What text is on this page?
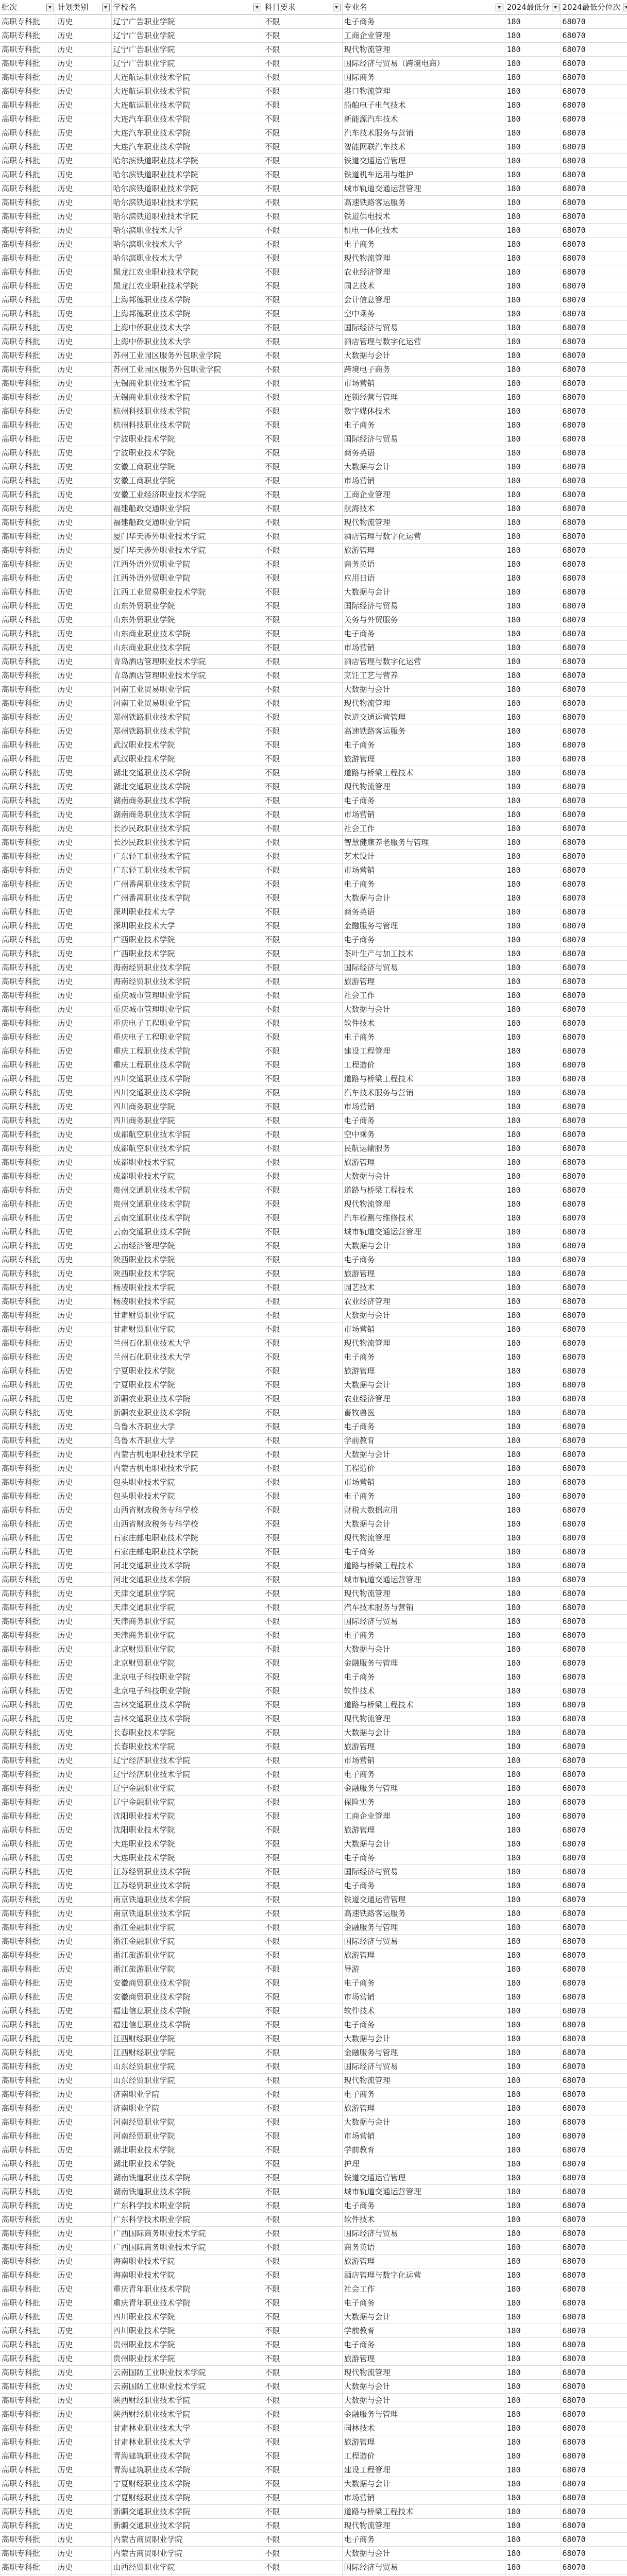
批次	计划类别	学校名	科目要求	专业名	2024最低分	2024最低分位次

高职专科批	历史	辽宁广告职业学院	不限	电子商务	180	68070
高职专科批	历史	辽宁广告职业学院	不限	工商企业管理	180	68070
高职专科批	历史	辽宁广告职业学院	不限	现代物流管理	180	68070
高职专科批	历史	辽宁广告职业学院	不限	国际经济与贸易（跨境电商）	180	68070
高职专科批	历史	大连航运职业技术学院	不限	国际商务	180	68070
高职专科批	历史	大连航运职业技术学院	不限	港口物流管理	180	68070
高职专科批	历史	大连航运职业技术学院	不限	船舶电子电气技术	180	68070
高职专科批	历史	大连汽车职业技术学院	不限	新能源汽车技术	180	68070
高职专科批	历史	大连汽车职业技术学院	不限	汽车技术服务与营销	180	68070
高职专科批	历史	大连汽车职业技术学院	不限	智能网联汽车技术	180	68070
高职专科批	历史	哈尔滨铁道职业技术学院	不限	铁道交通运营管理	180	68070
高职专科批	历史	哈尔滨铁道职业技术学院	不限	铁道机车运用与维护	180	68070
高职专科批	历史	哈尔滨铁道职业技术学院	不限	城市轨道交通运营管理	180	68070
高职专科批	历史	哈尔滨铁道职业技术学院	不限	高速铁路客运服务	180	68070
高职专科批	历史	哈尔滨铁道职业技术学院	不限	铁道供电技术	180	68070
高职专科批	历史	哈尔滨职业技术大学	不限	机电一体化技术	180	68070
高职专科批	历史	哈尔滨职业技术大学	不限	电子商务	180	68070
高职专科批	历史	哈尔滨职业技术大学	不限	现代物流管理	180	68070
高职专科批	历史	黑龙江农业职业技术学院	不限	农业经济管理	180	68070
高职专科批	历史	黑龙江农业职业技术学院	不限	园艺技术	180	68070
高职专科批	历史	上海邦德职业技术学院	不限	会计信息管理	180	68070
高职专科批	历史	上海邦德职业技术学院	不限	空中乘务	180	68070
高职专科批	历史	上海中侨职业技术大学	不限	国际经济与贸易	180	68070
高职专科批	历史	上海中侨职业技术大学	不限	酒店管理与数字化运营	180	68070
高职专科批	历史	苏州工业园区服务外包职业学院	不限	大数据与会计	180	68070
高职专科批	历史	苏州工业园区服务外包职业学院	不限	跨境电子商务	180	68070
高职专科批	历史	无锡商业职业技术学院	不限	市场营销	180	68070
高职专科批	历史	无锡商业职业技术学院	不限	连锁经营与管理	180	68070
高职专科批	历史	杭州科技职业技术学院	不限	数字媒体技术	180	68070
高职专科批	历史	杭州科技职业技术学院	不限	电子商务	180	68070
高职专科批	历史	宁波职业技术学院	不限	国际经济与贸易	180	68070
高职专科批	历史	宁波职业技术学院	不限	商务英语	180	68070
高职专科批	历史	安徽工商职业学院	不限	大数据与会计	180	68070
高职专科批	历史	安徽工商职业学院	不限	市场营销	180	68070
高职专科批	历史	安徽工业经济职业技术学院	不限	工商企业管理	180	68070
高职专科批	历史	福建船政交通职业学院	不限	航海技术	180	68070
高职专科批	历史	福建船政交通职业学院	不限	现代物流管理	180	68070
高职专科批	历史	厦门华天涉外职业技术学院	不限	酒店管理与数字化运营	180	68070
高职专科批	历史	厦门华天涉外职业技术学院	不限	旅游管理	180	68070
高职专科批	历史	江西外语外贸职业学院	不限	商务英语	180	68070
高职专科批	历史	江西外语外贸职业学院	不限	应用日语	180	68070
高职专科批	历史	江西工业贸易职业技术学院	不限	大数据与会计	180	68070
高职专科批	历史	山东外贸职业学院	不限	国际经济与贸易	180	68070
高职专科批	历史	山东外贸职业学院	不限	关务与外贸服务	180	68070
高职专科批	历史	山东商业职业技术学院	不限	电子商务	180	68070
高职专科批	历史	山东商业职业技术学院	不限	市场营销	180	68070
高职专科批	历史	青岛酒店管理职业技术学院	不限	酒店管理与数字化运营	180	68070
高职专科批	历史	青岛酒店管理职业技术学院	不限	烹饪工艺与营养	180	68070
高职专科批	历史	河南工业贸易职业学院	不限	大数据与会计	180	68070
高职专科批	历史	河南工业贸易职业学院	不限	现代物流管理	180	68070
高职专科批	历史	郑州铁路职业技术学院	不限	铁道交通运营管理	180	68070
高职专科批	历史	郑州铁路职业技术学院	不限	高速铁路客运服务	180	68070
高职专科批	历史	武汉职业技术学院	不限	电子商务	180	68070
高职专科批	历史	武汉职业技术学院	不限	旅游管理	180	68070
高职专科批	历史	湖北交通职业技术学院	不限	道路与桥梁工程技术	180	68070
高职专科批	历史	湖北交通职业技术学院	不限	现代物流管理	180	68070
高职专科批	历史	湖南商务职业技术学院	不限	电子商务	180	68070
高职专科批	历史	湖南商务职业技术学院	不限	市场营销	180	68070
高职专科批	历史	长沙民政职业技术学院	不限	社会工作	180	68070
高职专科批	历史	长沙民政职业技术学院	不限	智慧健康养老服务与管理	180	68070
高职专科批	历史	广东轻工职业技术学院	不限	艺术设计	180	68070
高职专科批	历史	广东轻工职业技术学院	不限	市场营销	180	68070
高职专科批	历史	广州番禺职业技术学院	不限	电子商务	180	68070
高职专科批	历史	广州番禺职业技术学院	不限	大数据与会计	180	68070
高职专科批	历史	深圳职业技术大学	不限	商务英语	180	68070
高职专科批	历史	深圳职业技术大学	不限	金融服务与管理	180	68070
高职专科批	历史	广西职业技术学院	不限	电子商务	180	68070
高职专科批	历史	广西职业技术学院	不限	茶叶生产与加工技术	180	68070
高职专科批	历史	海南经贸职业技术学院	不限	国际经济与贸易	180	68070
高职专科批	历史	海南经贸职业技术学院	不限	旅游管理	180	68070
高职专科批	历史	重庆城市管理职业学院	不限	社会工作	180	68070
高职专科批	历史	重庆城市管理职业学院	不限	大数据与会计	180	68070
高职专科批	历史	重庆电子工程职业学院	不限	软件技术	180	68070
高职专科批	历史	重庆电子工程职业学院	不限	电子商务	180	68070
高职专科批	历史	重庆工程职业技术学院	不限	建设工程管理	180	68070
高职专科批	历史	重庆工程职业技术学院	不限	工程造价	180	68070
高职专科批	历史	四川交通职业技术学院	不限	道路与桥梁工程技术	180	68070
高职专科批	历史	四川交通职业技术学院	不限	汽车技术服务与营销	180	68070
高职专科批	历史	四川商务职业学院	不限	市场营销	180	68070
高职专科批	历史	四川商务职业学院	不限	电子商务	180	68070
高职专科批	历史	成都航空职业技术学院	不限	空中乘务	180	68070
高职专科批	历史	成都航空职业技术学院	不限	民航运输服务	180	68070
高职专科批	历史	成都职业技术学院	不限	旅游管理	180	68070
高职专科批	历史	成都职业技术学院	不限	大数据与会计	180	68070
高职专科批	历史	贵州交通职业技术学院	不限	道路与桥梁工程技术	180	68070
高职专科批	历史	贵州交通职业技术学院	不限	现代物流管理	180	68070
高职专科批	历史	云南交通职业技术学院	不限	汽车检测与维修技术	180	68070
高职专科批	历史	云南交通职业技术学院	不限	城市轨道交通运营管理	180	68070
高职专科批	历史	云南经济管理学院	不限	大数据与会计	180	68070
高职专科批	历史	陕西职业技术学院	不限	电子商务	180	68070
高职专科批	历史	陕西职业技术学院	不限	旅游管理	180	68070
高职专科批	历史	杨凌职业技术学院	不限	园艺技术	180	68070
高职专科批	历史	杨凌职业技术学院	不限	农业经济管理	180	68070
高职专科批	历史	甘肃财贸职业学院	不限	大数据与会计	180	68070
高职专科批	历史	甘肃财贸职业学院	不限	市场营销	180	68070
高职专科批	历史	兰州石化职业技术大学	不限	现代物流管理	180	68070
高职专科批	历史	兰州石化职业技术大学	不限	电子商务	180	68070
高职专科批	历史	宁夏职业技术学院	不限	旅游管理	180	68070
高职专科批	历史	宁夏职业技术学院	不限	大数据与会计	180	68070
高职专科批	历史	新疆农业职业技术学院	不限	农业经济管理	180	68070
高职专科批	历史	新疆农业职业技术学院	不限	畜牧兽医	180	68070
高职专科批	历史	乌鲁木齐职业大学	不限	电子商务	180	68070
高职专科批	历史	乌鲁木齐职业大学	不限	学前教育	180	68070
高职专科批	历史	内蒙古机电职业技术学院	不限	大数据与会计	180	68070
高职专科批	历史	内蒙古机电职业技术学院	不限	工程造价	180	68070
高职专科批	历史	包头职业技术学院	不限	市场营销	180	68070
高职专科批	历史	包头职业技术学院	不限	电子商务	180	68070
高职专科批	历史	山西省财政税务专科学校	不限	财税大数据应用	180	68070
高职专科批	历史	山西省财政税务专科学校	不限	大数据与会计	180	68070
高职专科批	历史	石家庄邮电职业技术学院	不限	现代物流管理	180	68070
高职专科批	历史	石家庄邮电职业技术学院	不限	电子商务	180	68070
高职专科批	历史	河北交通职业技术学院	不限	道路与桥梁工程技术	180	68070
高职专科批	历史	河北交通职业技术学院	不限	城市轨道交通运营管理	180	68070
高职专科批	历史	天津交通职业学院	不限	现代物流管理	180	68070
高职专科批	历史	天津交通职业学院	不限	汽车技术服务与营销	180	68070
高职专科批	历史	天津商务职业学院	不限	国际经济与贸易	180	68070
高职专科批	历史	天津商务职业学院	不限	电子商务	180	68070
高职专科批	历史	北京财贸职业学院	不限	大数据与会计	180	68070
高职专科批	历史	北京财贸职业学院	不限	金融服务与管理	180	68070
高职专科批	历史	北京电子科技职业学院	不限	电子商务	180	68070
高职专科批	历史	北京电子科技职业学院	不限	软件技术	180	68070
高职专科批	历史	吉林交通职业技术学院	不限	道路与桥梁工程技术	180	68070
高职专科批	历史	吉林交通职业技术学院	不限	现代物流管理	180	68070
高职专科批	历史	长春职业技术学院	不限	大数据与会计	180	68070
高职专科批	历史	长春职业技术学院	不限	旅游管理	180	68070
高职专科批	历史	辽宁经济职业技术学院	不限	市场营销	180	68070
高职专科批	历史	辽宁经济职业技术学院	不限	电子商务	180	68070
高职专科批	历史	辽宁金融职业学院	不限	金融服务与管理	180	68070
高职专科批	历史	辽宁金融职业学院	不限	保险实务	180	68070
高职专科批	历史	沈阳职业技术学院	不限	工商企业管理	180	68070
高职专科批	历史	沈阳职业技术学院	不限	旅游管理	180	68070
高职专科批	历史	大连职业技术学院	不限	大数据与会计	180	68070
高职专科批	历史	大连职业技术学院	不限	电子商务	180	68070
高职专科批	历史	江苏经贸职业技术学院	不限	国际经济与贸易	180	68070
高职专科批	历史	江苏经贸职业技术学院	不限	电子商务	180	68070
高职专科批	历史	南京铁道职业技术学院	不限	铁道交通运营管理	180	68070
高职专科批	历史	南京铁道职业技术学院	不限	高速铁路客运服务	180	68070
高职专科批	历史	浙江金融职业学院	不限	金融服务与管理	180	68070
高职专科批	历史	浙江金融职业学院	不限	国际经济与贸易	180	68070
高职专科批	历史	浙江旅游职业学院	不限	旅游管理	180	68070
高职专科批	历史	浙江旅游职业学院	不限	导游	180	68070
高职专科批	历史	安徽商贸职业技术学院	不限	电子商务	180	68070
高职专科批	历史	安徽商贸职业技术学院	不限	市场营销	180	68070
高职专科批	历史	福建信息职业技术学院	不限	软件技术	180	68070
高职专科批	历史	福建信息职业技术学院	不限	电子商务	180	68070
高职专科批	历史	江西财经职业学院	不限	大数据与会计	180	68070
高职专科批	历史	江西财经职业学院	不限	金融服务与管理	180	68070
高职专科批	历史	山东经贸职业学院	不限	国际经济与贸易	180	68070
高职专科批	历史	山东经贸职业学院	不限	现代物流管理	180	68070
高职专科批	历史	济南职业学院	不限	电子商务	180	68070
高职专科批	历史	济南职业学院	不限	旅游管理	180	68070
高职专科批	历史	河南经贸职业学院	不限	大数据与会计	180	68070
高职专科批	历史	河南经贸职业学院	不限	市场营销	180	68070
高职专科批	历史	湖北职业技术学院	不限	学前教育	180	68070
高职专科批	历史	湖北职业技术学院	不限	护理	180	68070
高职专科批	历史	湖南铁道职业技术学院	不限	铁道交通运营管理	180	68070
高职专科批	历史	湖南铁道职业技术学院	不限	城市轨道交通运营管理	180	68070
高职专科批	历史	广东科学技术职业学院	不限	电子商务	180	68070
高职专科批	历史	广东科学技术职业学院	不限	软件技术	180	68070
高职专科批	历史	广西国际商务职业技术学院	不限	国际经济与贸易	180	68070
高职专科批	历史	广西国际商务职业技术学院	不限	商务英语	180	68070
高职专科批	历史	海南职业技术学院	不限	旅游管理	180	68070
高职专科批	历史	海南职业技术学院	不限	酒店管理与数字化运营	180	68070
高职专科批	历史	重庆青年职业技术学院	不限	社会工作	180	68070
高职专科批	历史	重庆青年职业技术学院	不限	电子商务	180	68070
高职专科批	历史	四川职业技术学院	不限	大数据与会计	180	68070
高职专科批	历史	四川职业技术学院	不限	学前教育	180	68070
高职专科批	历史	贵州职业技术学院	不限	电子商务	180	68070
高职专科批	历史	贵州职业技术学院	不限	旅游管理	180	68070
高职专科批	历史	云南国防工业职业技术学院	不限	现代物流管理	180	68070
高职专科批	历史	云南国防工业职业技术学院	不限	大数据与会计	180	68070
高职专科批	历史	陕西财经职业技术学院	不限	大数据与会计	180	68070
高职专科批	历史	陕西财经职业技术学院	不限	金融服务与管理	180	68070
高职专科批	历史	甘肃林业职业技术大学	不限	园林技术	180	68070
高职专科批	历史	甘肃林业职业技术大学	不限	旅游管理	180	68070
高职专科批	历史	青海建筑职业技术学院	不限	工程造价	180	68070
高职专科批	历史	青海建筑职业技术学院	不限	建设工程管理	180	68070
高职专科批	历史	宁夏财经职业技术学院	不限	大数据与会计	180	68070
高职专科批	历史	宁夏财经职业技术学院	不限	市场营销	180	68070
高职专科批	历史	新疆交通职业技术学院	不限	道路与桥梁工程技术	180	68070
高职专科批	历史	新疆交通职业技术学院	不限	现代物流管理	180	68070
高职专科批	历史	内蒙古商贸职业学院	不限	电子商务	180	68070
高职专科批	历史	内蒙古商贸职业学院	不限	大数据与会计	180	68070
高职专科批	历史	山西经贸职业学院	不限	国际经济与贸易	180	68070
